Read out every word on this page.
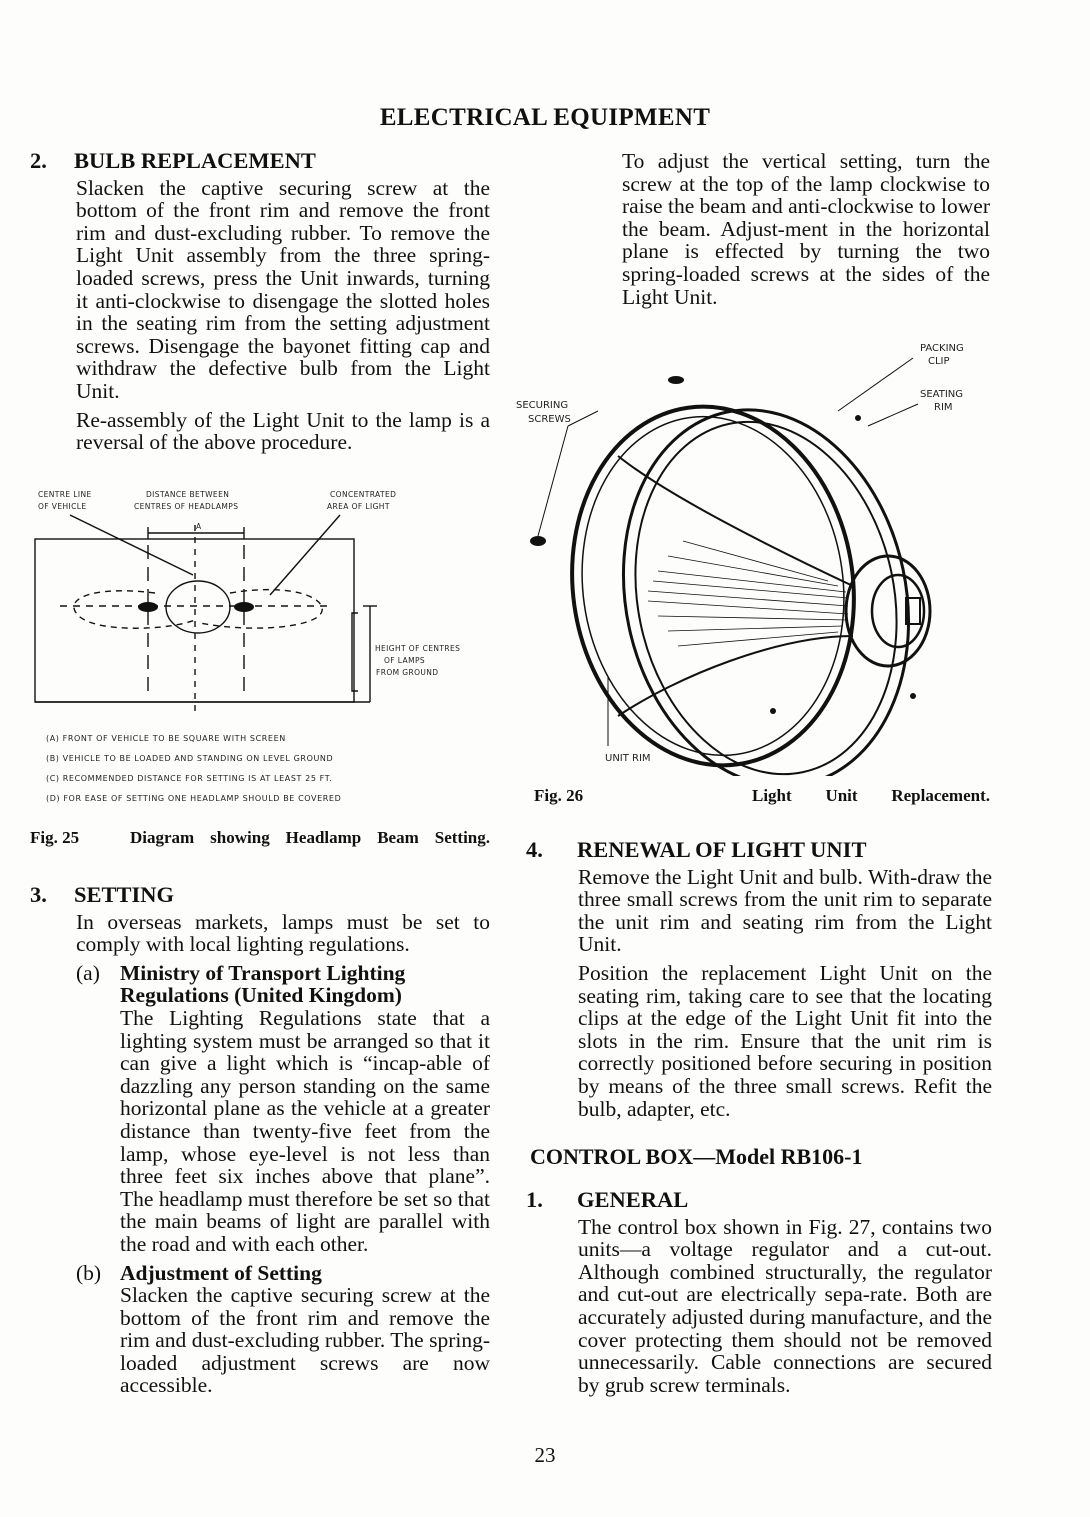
ELECTRICAL EQUIPMENT
2. BULB REPLACEMENT

Slacken the captive securing screw at the bottom of the front rim and remove the front rim and dust-excluding rubber. To remove the Light Unit assembly from the three spring-loaded screws, press the Unit inwards, turning it anti-clockwise to disengage the slotted holes in the seating rim from the setting adjustment screws. Disengage the bayonet fitting cap and withdraw the defective bulb from the Light Unit.

Re-assembly of the Light Unit to the lamp is a reversal of the above procedure.

CENTRE LINE
OF VEHICLE
DISTANCE BETWEEN
CENTRES OF HEADLAMPS
CONCENTRATED
AREA OF LIGHT
HEIGHT OF CENTRES
OF LAMPS
FROM GROUND
A
(A) FRONT OF VEHICLE TO BE SQUARE WITH SCREEN
(B) VEHICLE TO BE LOADED AND STANDING ON LEVEL GROUND
(C) RECOMMENDED DISTANCE FOR SETTING IS AT LEAST 25 FT.
(D) FOR EASE OF SETTING ONE HEADLAMP SHOULD BE COVERED
Fig. 25	Diagram showing Headlamp Beam Setting.
3. SETTING

In overseas markets, lamps must be set to comply with local lighting regulations.

(a) Ministry of Transport Lighting Regulations (United Kingdom)

The Lighting Regulations state that a lighting system must be arranged so that it can give a light which is “incap-able of dazzling any person standing on the same horizontal plane as the vehicle at a greater distance than twenty-five feet from the lamp, whose eye-level is not less than three feet six inches above that plane”. The headlamp must therefore be set so that the main beams of light are parallel with the road and with each other.

(b) Adjustment of Setting

Slacken the captive securing screw at the bottom of the front rim and remove the rim and dust-excluding rubber. The spring-loaded adjustment screws are now accessible.

To adjust the vertical setting, turn the screw at the top of the lamp clockwise to raise the beam and anti-clockwise to lower the beam. Adjust-ment in the horizontal plane is effected by turning the two spring-loaded screws at the sides of the Light Unit.

PACKING
CLIP
SEATING
RIM
SECURING
SCREWS
UNIT RIM
Fig. 26	Light Unit Replacement.
4. RENEWAL OF LIGHT UNIT

Remove the Light Unit and bulb. With-draw the three small screws from the unit rim to separate the unit rim and seating rim from the Light Unit.

Position the replacement Light Unit on the seating rim, taking care to see that the locating clips at the edge of the Light Unit fit into the slots in the rim. Ensure that the unit rim is correctly positioned before securing in position by means of the three small screws. Refit the bulb, adapter, etc.

CONTROL BOX—Model RB106-1
1. GENERAL

The control box shown in Fig. 27, contains two units—a voltage regulator and a cut-out. Although combined structurally, the regulator and cut-out are electrically sepa-rate. Both are accurately adjusted during manufacture, and the cover protecting them should not be removed unnecessarily. Cable connections are secured by grub screw terminals.

23
